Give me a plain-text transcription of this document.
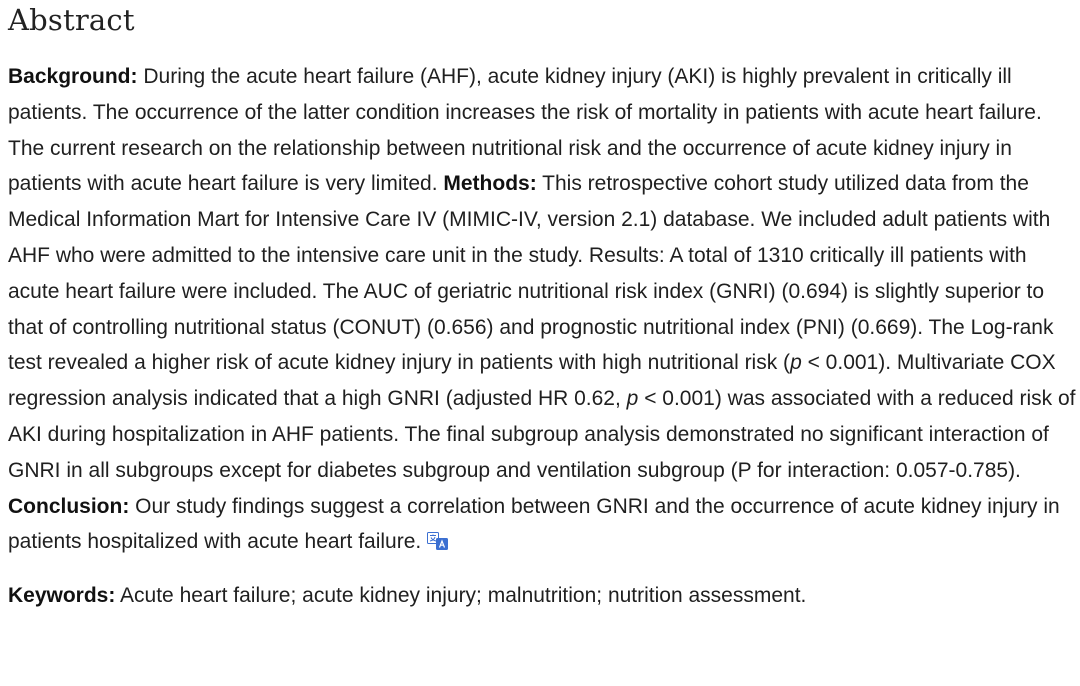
Abstract

Background: During the acute heart failure (AHF), acute kidney injury (AKI) is highly prevalent in critically ill patients. The occurrence of the latter condition increases the risk of mortality in patients with acute heart failure. The current research on the relationship between nutritional risk and the occurrence of acute kidney injury in patients with acute heart failure is very limited. Methods: This retrospective cohort study utilized data from the Medical Information Mart for Intensive Care IV (MIMIC-IV, version 2.1) database. We included adult patients with AHF who were admitted to the intensive care unit in the study. Results: A total of 1310 critically ill patients with acute heart failure were included. The AUC of geriatric nutritional risk index (GNRI) (0.694) is slightly superior to that of controlling nutritional status (CONUT) (0.656) and prognostic nutritional index (PNI) (0.669). The Log-rank test revealed a higher risk of acute kidney injury in patients with high nutritional risk (p < 0.001). Multivariate COX regression analysis indicated that a high GNRI (adjusted HR 0.62, p < 0.001) was associated with a reduced risk of AKI during hospitalization in AHF patients. The final subgroup analysis demonstrated no significant interaction of GNRI in all subgroups except for diabetes subgroup and ventilation subgroup (P for interaction: 0.057-0.785). Conclusion: Our study findings suggest a correlation between GNRI and the occurrence of acute kidney injury in patients hospitalized with acute heart failure.

Keywords: Acute heart failure; acute kidney injury; malnutrition; nutrition assessment.
